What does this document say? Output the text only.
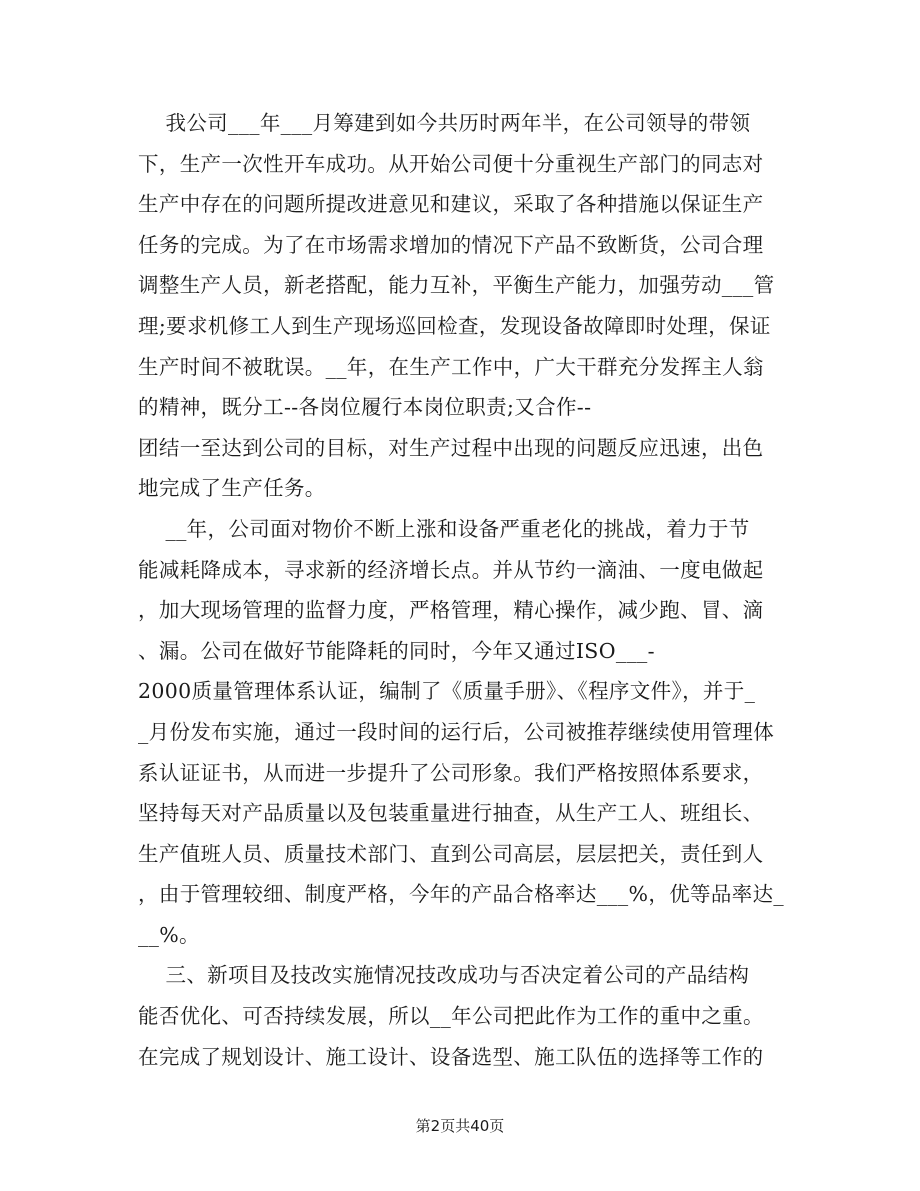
我公司___年___月筹建到如今共历时两年半，在公司领导的带领
下，生产一次性开车成功。从开始公司便十分重视生产部门的同志对
生产中存在的问题所提改进意见和建议，采取了各种措施以保证生产
任务的完成。为了在市场需求增加的情况下产品不致断货，公司合理
调整生产人员，新老搭配，能力互补，平衡生产能力，加强劳动___管
理;要求机修工人到生产现场巡回检查，发现设备故障即时处理，保证
生产时间不被耽误。__年，在生产工作中，广大干群充分发挥主人翁
的精神，既分工--各岗位履行本岗位职责;又合作--
团结一至达到公司的目标，对生产过程中出现的问题反应迅速，出色
地完成了生产任务。
__年，公司面对物价不断上涨和设备严重老化的挑战，着力于节
能减耗降成本，寻求新的经济增长点。并从节约一滴油、一度电做起
，加大现场管理的监督力度，严格管理，精心操作，减少跑、冒、滴
、漏。公司在做好节能降耗的同时，今年又通过ISO___-
2000质量管理体系认证，编制了《质量手册》、《程序文件》，并于_
_月份发布实施，通过一段时间的运行后，公司被推荐继续使用管理体
系认证证书，从而进一步提升了公司形象。我们严格按照体系要求，
坚持每天对产品质量以及包装重量进行抽查，从生产工人、班组长、
生产值班人员、质量技术部门、直到公司高层，层层把关，责任到人
，由于管理较细、制度严格，今年的产品合格率达___%，优等品率达_
__%。
三、新项目及技改实施情况技改成功与否决定着公司的产品结构
能否优化、可否持续发展，所以__年公司把此作为工作的重中之重。
在完成了规划设计、施工设计、设备选型、施工队伍的选择等工作的
第2页共40页
